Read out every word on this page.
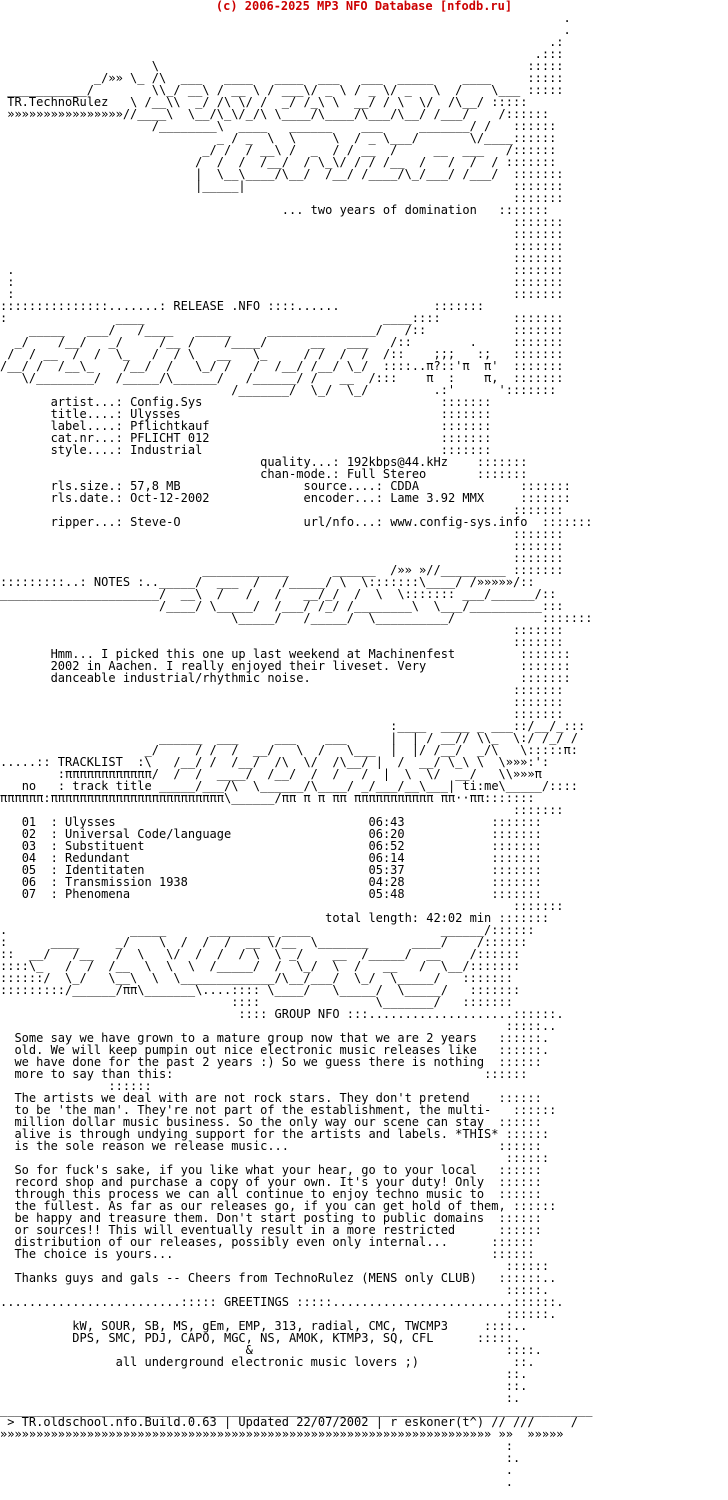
(c) 2006-2025 MP3 NFO Database [nfodb.ru]
.
.
.:
.:::
\                                                   :::::
_/»» \_ /\  ___   ____   ____  ___   ___  _____    ____     :::::
___________/        \\_/ __\ / __ \ / ___\/ _ \ / _ \/ _   \  /    \___ :::::
TR.TechnoRulez   \ /__\\  _/ /\ \/ /  _/ /_\ \  __/ / \  \/  /\__/ :::::
»»»»»»»»»»»»»»»»//____\  \__/\_\/_/\ \____/\____/\___/\__/ /___/    /::::::
/________\  ____   ______    ___     _______/ /   ::::::
_ / _  \  \     \  / _ \___/       \/____::::::
_/ /  / __\ /  _  / / __  /     __  ___   /::::::
/  /  /  /__/  / \_\/ / / /__  /   /  /  / :::::::
|  \__\____/\__/  /__/ /____/\_/___/ /___/  :::::::
|_____|                                     :::::::
:::::::
... two years of domination   :::::::
:::::::
:::::::
:::::::
:::::::
.                                                                     :::::::
:                                                                     :::::::
:                                                                     :::::::
:::::::::::::::.......: RELEASE .NFO ::::......             :::::::
:               ____                                 ____::::          :::::::
_____   ___/   /____   _____     _______________/   /::            :::::::
_/    /__/   _/     /__ /    /____/      __   ___   /::        .     :::::::
/  / __  /  /  \_   /  / \   __   \_     / /  /  /  /::    ;;;   :;   :::::::
/__/ /  /__\_    /__/  /   \_/ /   /  /__/ /__/ \_/  ::::..π?::'π  π'  :::::::
\/________/  /_____/\______/   /______/ /   __  /:::    π  :    π,  :::::::
/_______/  \_/  \_/         .:'      ':::::::
artist...: Config.Sys	:::::::
title....: Ulysses	:::::::
label....: Pflichtkauf	:::::::
cat.nr...: PFLICHT 012	:::::::
style....: Industrial	:::::::
quality...: 192kbps@44.kHz    :::::::
chan-mode.: Full Stereo	:::::::
rls.size.: 57,8 MB	source....: CDDA	:::::::
rls.date.: Oct-12-2002	encoder...: Lame 3.92 MMX	:::::::
:::::::
ripper...: Steve-O	url/nfo...: www.config-sys.info  :::::::
:::::::
:::::::
:::::::
____________      ______  /»» »//_________ :::::::
:::::::::..: NOTES :.._____/  ___  /   /_____/ \  \:::::::\____/ /»»»»»/::
______________________/  __\  /   /   /   __/_/  /  \  \::::::: ___/______/::
/____/ \_____/  /___/ /_/ /________\  \___/__________:::
\_____/   /_____/  \__________/            :::::::
:::::::
:::::::
Hmm... I picked this one up last weekend at Machinenfest	:::::::
2002 in Aachen. I really enjoyed their liveset. Very	:::::::
danceable industrial/rhythmic noise.	:::::::
:::::::
:::::::
:::::::
:____  ____ _ ___::/__/_:::
______  ___     ___    ___      |  | / __// \\_  \:/ /_/ /
_/     / /  /  __/   \  /   \___  |  |/ /__/  _/\   \:::::π:
.....:: TRACKLIST  :\   /__/ /  /__/  /\  \/  /\__/ |  /  __/ \_\ \  \»»»:':
:ππππππππππππ/  /  /  ____/  /__/  /  /   /  |  \  \/  __/   \\»»»π
no   : track title _____/___/\  \______/\____/ _/___/__\___| ti:me\_____/::::
ππππππ:ππππππππππππππππππππππππ\______/ππ π π ππ πππππππππππ ππ··ππ:::::::
:::::::
01  : Ulysses	06:43	:::::::
02  : Universal Code/language	06:20	:::::::
03  : Substituent	06:52	:::::::
04  : Redundant	06:14	:::::::
05  : Identitaten	05:37	:::::::
06  : Transmission 1938	04:28	:::::::
07  : Phenomena	05:48	:::::::
:::::::
total length: 42:02 min :::::::
.                 _____      _________ ____                  ______/::::::
:      ____     _/    \  /  /  /  __ \/__  \_______      ____/    /::::::
::  __/   /__   /  \   \/  /  /  / \  \ _/    __  /_____/  __    /::::::
::::\_   /  /  /__  \  \  \  /_____/  /  \_/  \  /   __   /  \__/:::::::
::::::/  \_/   \__\  \  \_____________/\__/___/  \_/  \_____/   :::::::
:::::::::/______/ππ\_______\....:::: \____/   \_____/  \_____/   :::::::
::::                \_______/   :::::::
:::: GROUP NFO :::....................::::::.
:::::..
Some say we have grown to a mature group now that we are 2 years   ::::::.
old. We will keep pumpin out nice electronic music releases like   ::::::.
we have done for the past 2 years :) So we guess there is nothing  ::::::
more to say than this:	::::::
::::::
The artists we deal with are not rock stars. They don't pretend    ::::::
to be 'the man'. They're not part of the establishment, the multi-   ::::::
million dollar music business. So the only way our scene can stay  ::::::
alive is through undying support for the artists and labels. *THIS* ::::::
is the sole reason we release music...	::::::
::::::
So for fuck's sake, if you like what your hear, go to your local   ::::::
record shop and purchase a copy of your own. It's your duty! Only  ::::::
through this process we can all continue to enjoy techno music to  ::::::
the fullest. As far as our releases go, if you can get hold of them, ::::::
be happy and treasure them. Don't start posting to public domains  ::::::
or sources!! This will eventually result in a more restricted	::::::
distribution of our releases, possibly even only internal...	::::::
The choice is yours...	::::::
::::::
Thanks guys and gals -- Cheers from TechnoRulez (MENS only CLUB)   ::::::..
:::::.
.........................::::: GREETINGS :::::.........................::::::.
::::::.
kW, SOUR, SB, MS, gEm, EMP, 313, radial, CMC, TWCMP3	::::..
DPS, SMC, PDJ, CAPO, MGC, NS, AMOK, KTMP3, SQ, CFL	:::::.
&	::::.
all underground electronic music lovers ;)	::.
::.
::.
:.
__________________________________________________________________________________
> TR.oldschool.nfo.Build.0.63 | Updated 22/07/2002 | r eskoner(t^) // ///	/
»»»»»»»»»»»»»»»»»»»»»»»»»»»»»»»»»»»»»»»»»»»»»»»»»»»»»»»»»»»»»»»»»»»» »»  »»»»»
:
:.
.
.
